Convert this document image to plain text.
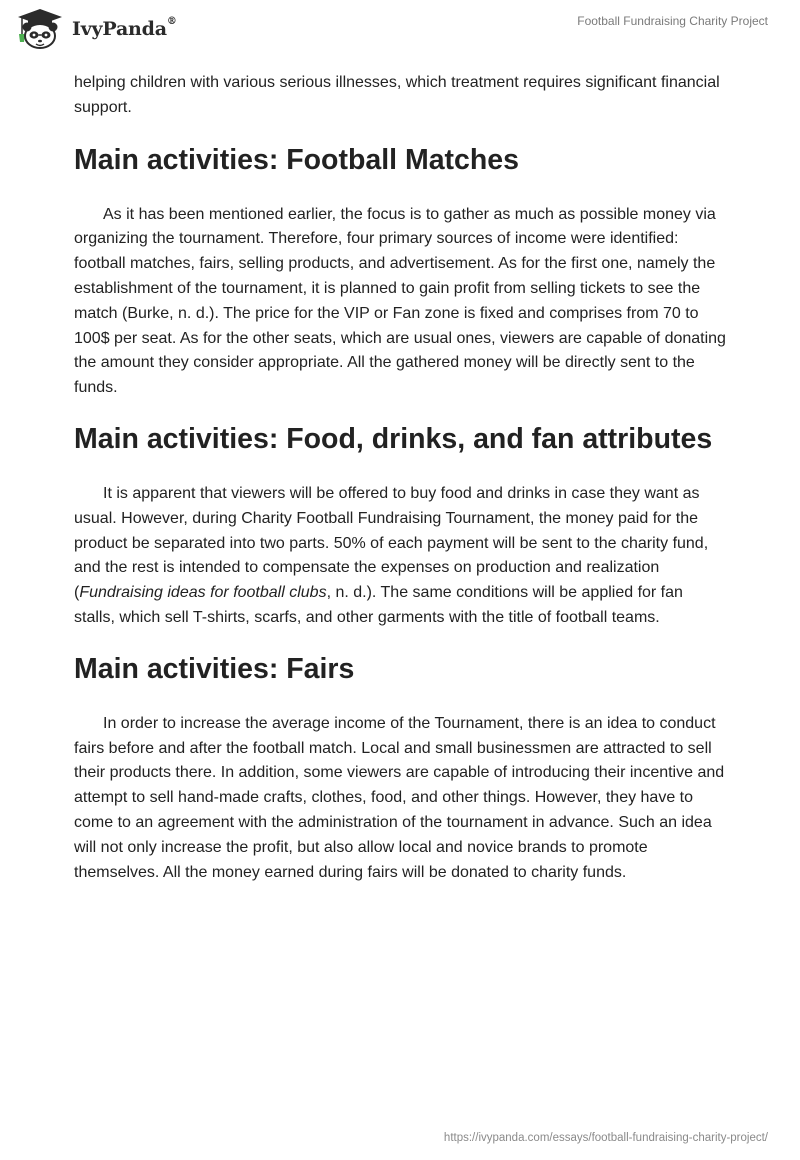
IvyPanda®	Football Fundraising Charity Project

helping children with various serious illnesses, which treatment requires significant financial support.

Main activities: Football Matches

As it has been mentioned earlier, the focus is to gather as much as possible money via organizing the tournament. Therefore, four primary sources of income were identified: football matches, fairs, selling products, and advertisement. As for the first one, namely the establishment of the tournament, it is planned to gain profit from selling tickets to see the match (Burke, n. d.). The price for the VIP or Fan zone is fixed and comprises from 70 to 100$ per seat. As for the other seats, which are usual ones, viewers are capable of donating the amount they consider appropriate. All the gathered money will be directly sent to the funds.

Main activities: Food, drinks, and fan attributes

It is apparent that viewers will be offered to buy food and drinks in case they want as usual. However, during Charity Football Fundraising Tournament, the money paid for the product be separated into two parts. 50% of each payment will be sent to the charity fund, and the rest is intended to compensate the expenses on production and realization (Fundraising ideas for football clubs, n. d.). The same conditions will be applied for fan stalls, which sell T-shirts, scarfs, and other garments with the title of football teams.

Main activities: Fairs

In order to increase the average income of the Tournament, there is an idea to conduct fairs before and after the football match. Local and small businessmen are attracted to sell their products there. In addition, some viewers are capable of introducing their incentive and attempt to sell hand-made crafts, clothes, food, and other things. However, they have to come to an agreement with the administration of the tournament in advance. Such an idea will not only increase the profit, but also allow local and novice brands to promote themselves. All the money earned during fairs will be donated to charity funds.

https://ivypanda.com/essays/football-fundraising-charity-project/
